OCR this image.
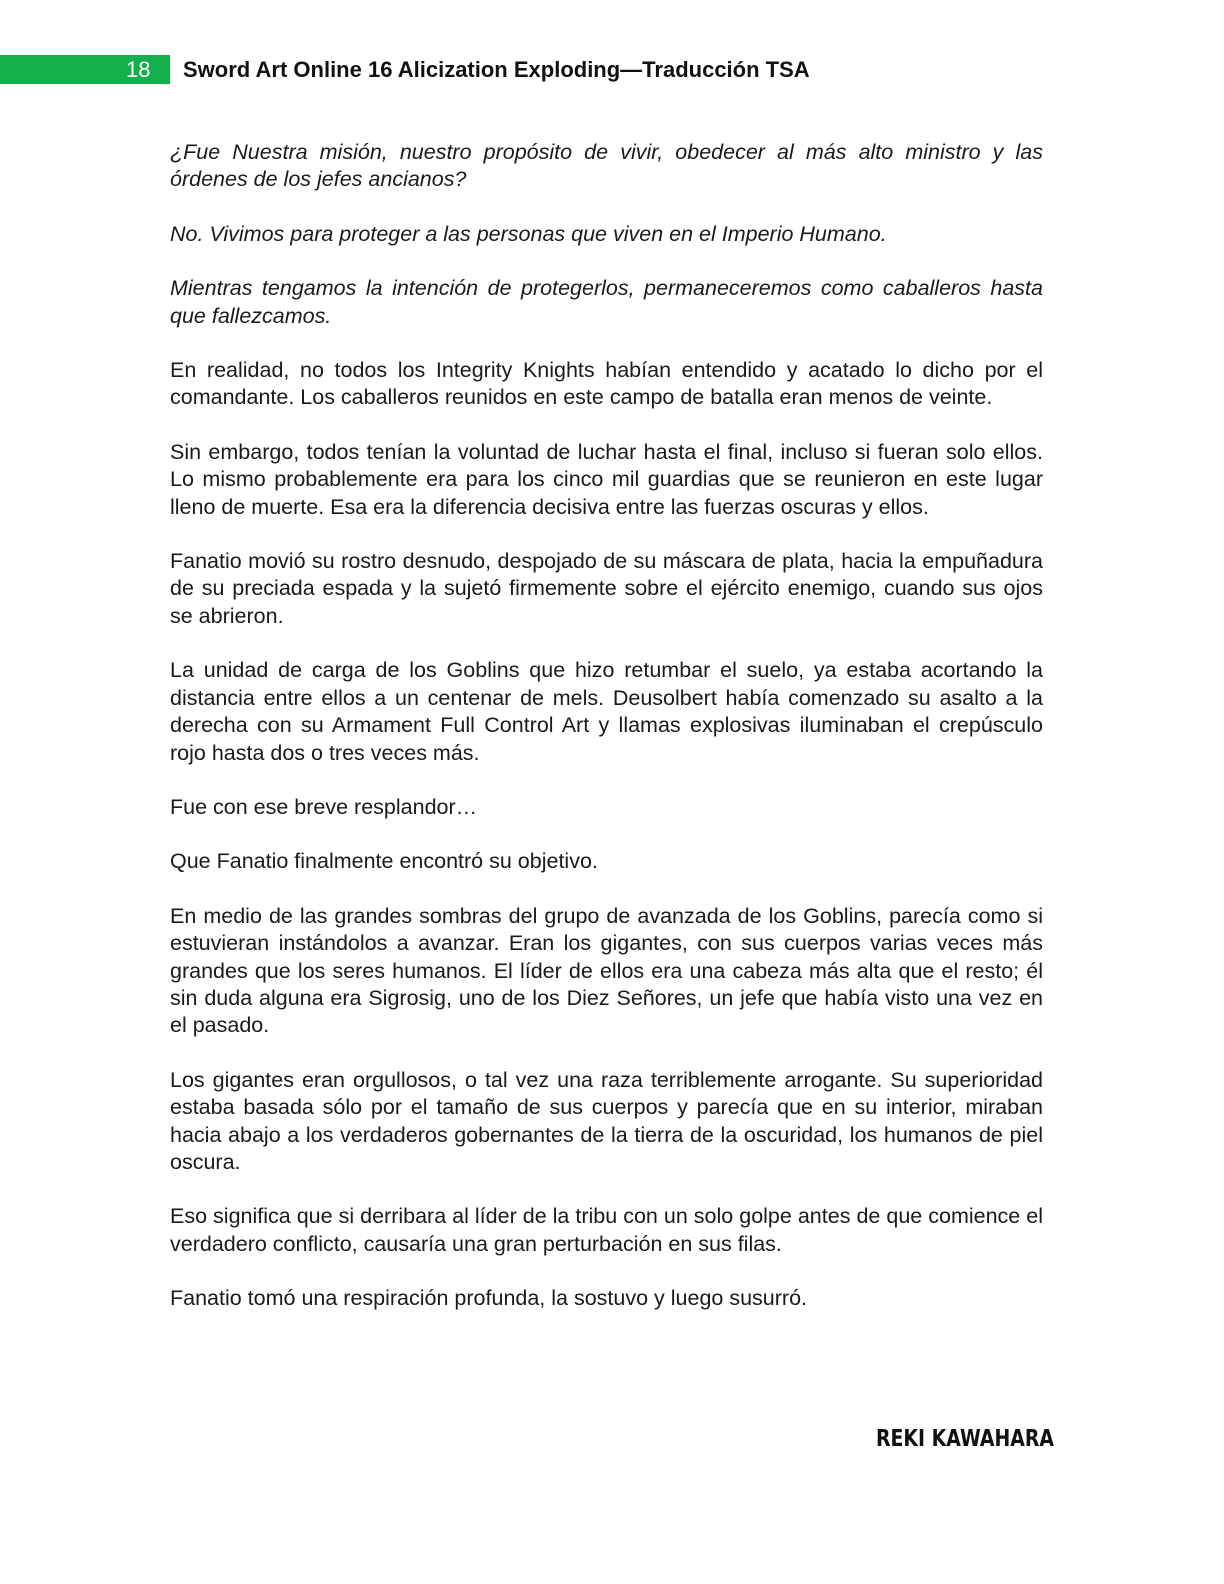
18	Sword Art Online 16 Alicization Exploding—Traducción TSA

¿Fue Nuestra misión, nuestro propósito de vivir, obedecer al más alto ministro y las órdenes de los jefes ancianos?

No. Vivimos para proteger a las personas que viven en el Imperio Humano.

Mientras tengamos la intención de protegerlos, permaneceremos como caballeros hasta que fallezcamos.

En realidad, no todos los Integrity Knights habían entendido y acatado lo dicho por el comandante. Los caballeros reunidos en este campo de batalla eran menos de veinte.

Sin embargo, todos tenían la voluntad de luchar hasta el final, incluso si fueran solo ellos. Lo mismo probablemente era para los cinco mil guardias que se reunieron en este lugar lleno de muerte. Esa era la diferencia decisiva entre las fuerzas oscuras y ellos.

Fanatio movió su rostro desnudo, despojado de su máscara de plata, hacia la empuñadura de su preciada espada y la sujetó firmemente sobre el ejército enemigo, cuando sus ojos se abrieron.

La unidad de carga de los Goblins que hizo retumbar el suelo, ya estaba acortando la distancia entre ellos a un centenar de mels. Deusolbert había comenzado su asalto a la derecha con su Armament Full Control Art y llamas explosivas iluminaban el crepúsculo rojo hasta dos o tres veces más.

Fue con ese breve resplandor…

Que Fanatio finalmente encontró su objetivo.

En medio de las grandes sombras del grupo de avanzada de los Goblins, parecía como si estuvieran instándolos a avanzar. Eran los gigantes, con sus cuerpos varias veces más grandes que los seres humanos. El líder de ellos era una cabeza más alta que el resto; él sin duda alguna era Sigrosig, uno de los Diez Señores, un jefe que había visto una vez en el pasado.

Los gigantes eran orgullosos, o tal vez una raza terriblemente arrogante. Su superioridad estaba basada sólo por el tamaño de sus cuerpos y parecía que en su interior, miraban hacia abajo a los verdaderos gobernantes de la tierra de la oscuridad, los humanos de piel oscura.

Eso significa que si derribara al líder de la tribu con un solo golpe antes de que comience el verdadero conflicto, causaría una gran perturbación en sus filas.

Fanatio tomó una respiración profunda, la sostuvo y luego susurró.

REKI KAWAHARA
